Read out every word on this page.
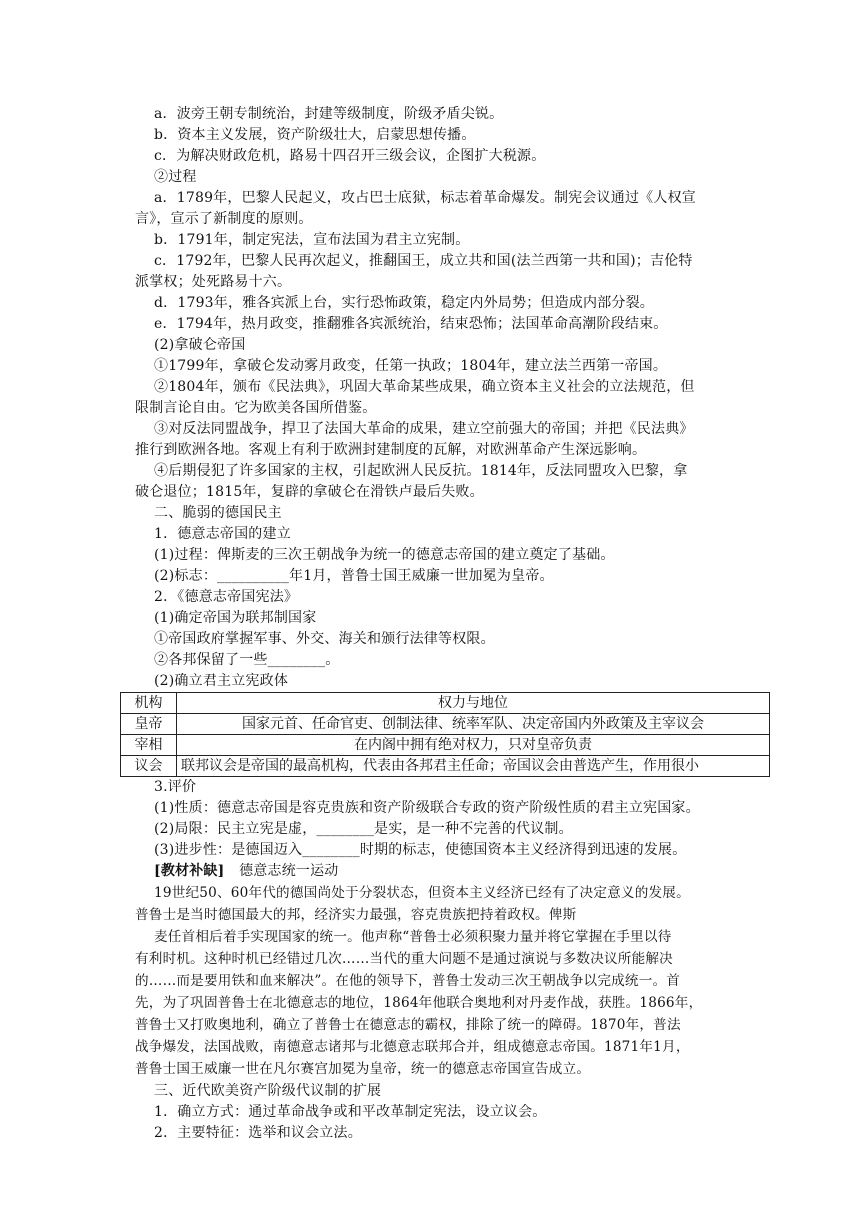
a．波旁王朝专制统治，封建等级制度，阶级矛盾尖锐。
b．资本主义发展，资产阶级壮大，启蒙思想传播。
c．为解决财政危机，路易十四召开三级会议，企图扩大税源。
②过程
a．1789年，巴黎人民起义，攻占巴士底狱，标志着革命爆发。制宪会议通过《人权宣
言》，宣示了新制度的原则。
b．1791年，制定宪法，宣布法国为君主立宪制。
c．1792年，巴黎人民再次起义，推翻国王，成立共和国(法兰西第一共和国)；吉伦特
派掌权；处死路易十六。
d．1793年，雅各宾派上台，实行恐怖政策，稳定内外局势；但造成内部分裂。
e．1794年，热月政变，推翻雅各宾派统治，结束恐怖；法国革命高潮阶段结束。
(2)拿破仑帝国
①1799年，拿破仑发动雾月政变，任第一执政；1804年，建立法兰西第一帝国。
②1804年，颁布《民法典》，巩固大革命某些成果，确立资本主义社会的立法规范，但
限制言论自由。它为欧美各国所借鉴。
③对反法同盟战争，捍卫了法国大革命的成果，建立空前强大的帝国；并把《民法典》
推行到欧洲各地。客观上有利于欧洲封建制度的瓦解，对欧洲革命产生深远影响。
④后期侵犯了许多国家的主权，引起欧洲人民反抗。1814年，反法同盟攻入巴黎，拿
破仑退位；1815年，复辟的拿破仑在滑铁卢最后失败。
二、脆弱的德国民主
1．德意志帝国的建立
(1)过程：俾斯麦的三次王朝战争为统一的德意志帝国的建立奠定了基础。
(2)标志：__________年1月，普鲁士国王威廉一世加冕为皇帝。
2．《德意志帝国宪法》
(1)确定帝国为联邦制国家
①帝国政府掌握军事、外交、海关和颁行法律等权限。
②各邦保留了一些________。
机构	权力与地位
皇帝	国家元首、任命官吏、创制法律、统率军队、决定帝国内外政策及主宰议会
宰相	在内阁中拥有绝对权力，只对皇帝负责
议会	联邦议会是帝国的最高机构，代表由各邦君主任命；帝国议会由普选产生，作用很小
(2)确立君主立宪政体
3.评价
(1)性质：德意志帝国是容克贵族和资产阶级联合专政的资产阶级性质的君主立宪国家。
(2)局限：民主立宪是虚，________是实，是一种不完善的代议制。
(3)进步性：是德国迈入________时期的标志，使德国资本主义经济得到迅速的发展。
[教材补缺] 德意志统一运动
19世纪50、60年代的德国尚处于分裂状态，但资本主义经济已经有了决定意义的发展。
普鲁士是当时德国最大的邦，经济实力最强，容克贵族把持着政权。俾斯
麦任首相后着手实现国家的统一。他声称“普鲁士必须积聚力量并将它掌握在手里以待
有利时机。这种时机已经错过几次……当代的重大问题不是通过演说与多数决议所能解决
的……而是要用铁和血来解决”。在他的领导下，普鲁士发动三次王朝战争以完成统一。首
先，为了巩固普鲁士在北德意志的地位，1864年他联合奥地利对丹麦作战，获胜。1866年，
普鲁士又打败奥地利，确立了普鲁士在德意志的霸权，排除了统一的障碍。1870年，普法
战争爆发，法国战败，南德意志诸邦与北德意志联邦合并，组成德意志帝国。1871年1月，
普鲁士国王威廉一世在凡尔赛宫加冕为皇帝，统一的德意志帝国宣告成立。
三、近代欧美资产阶级代议制的扩展
1．确立方式：通过革命战争或和平改革制定宪法，设立议会。
2．主要特征：选举和议会立法。
